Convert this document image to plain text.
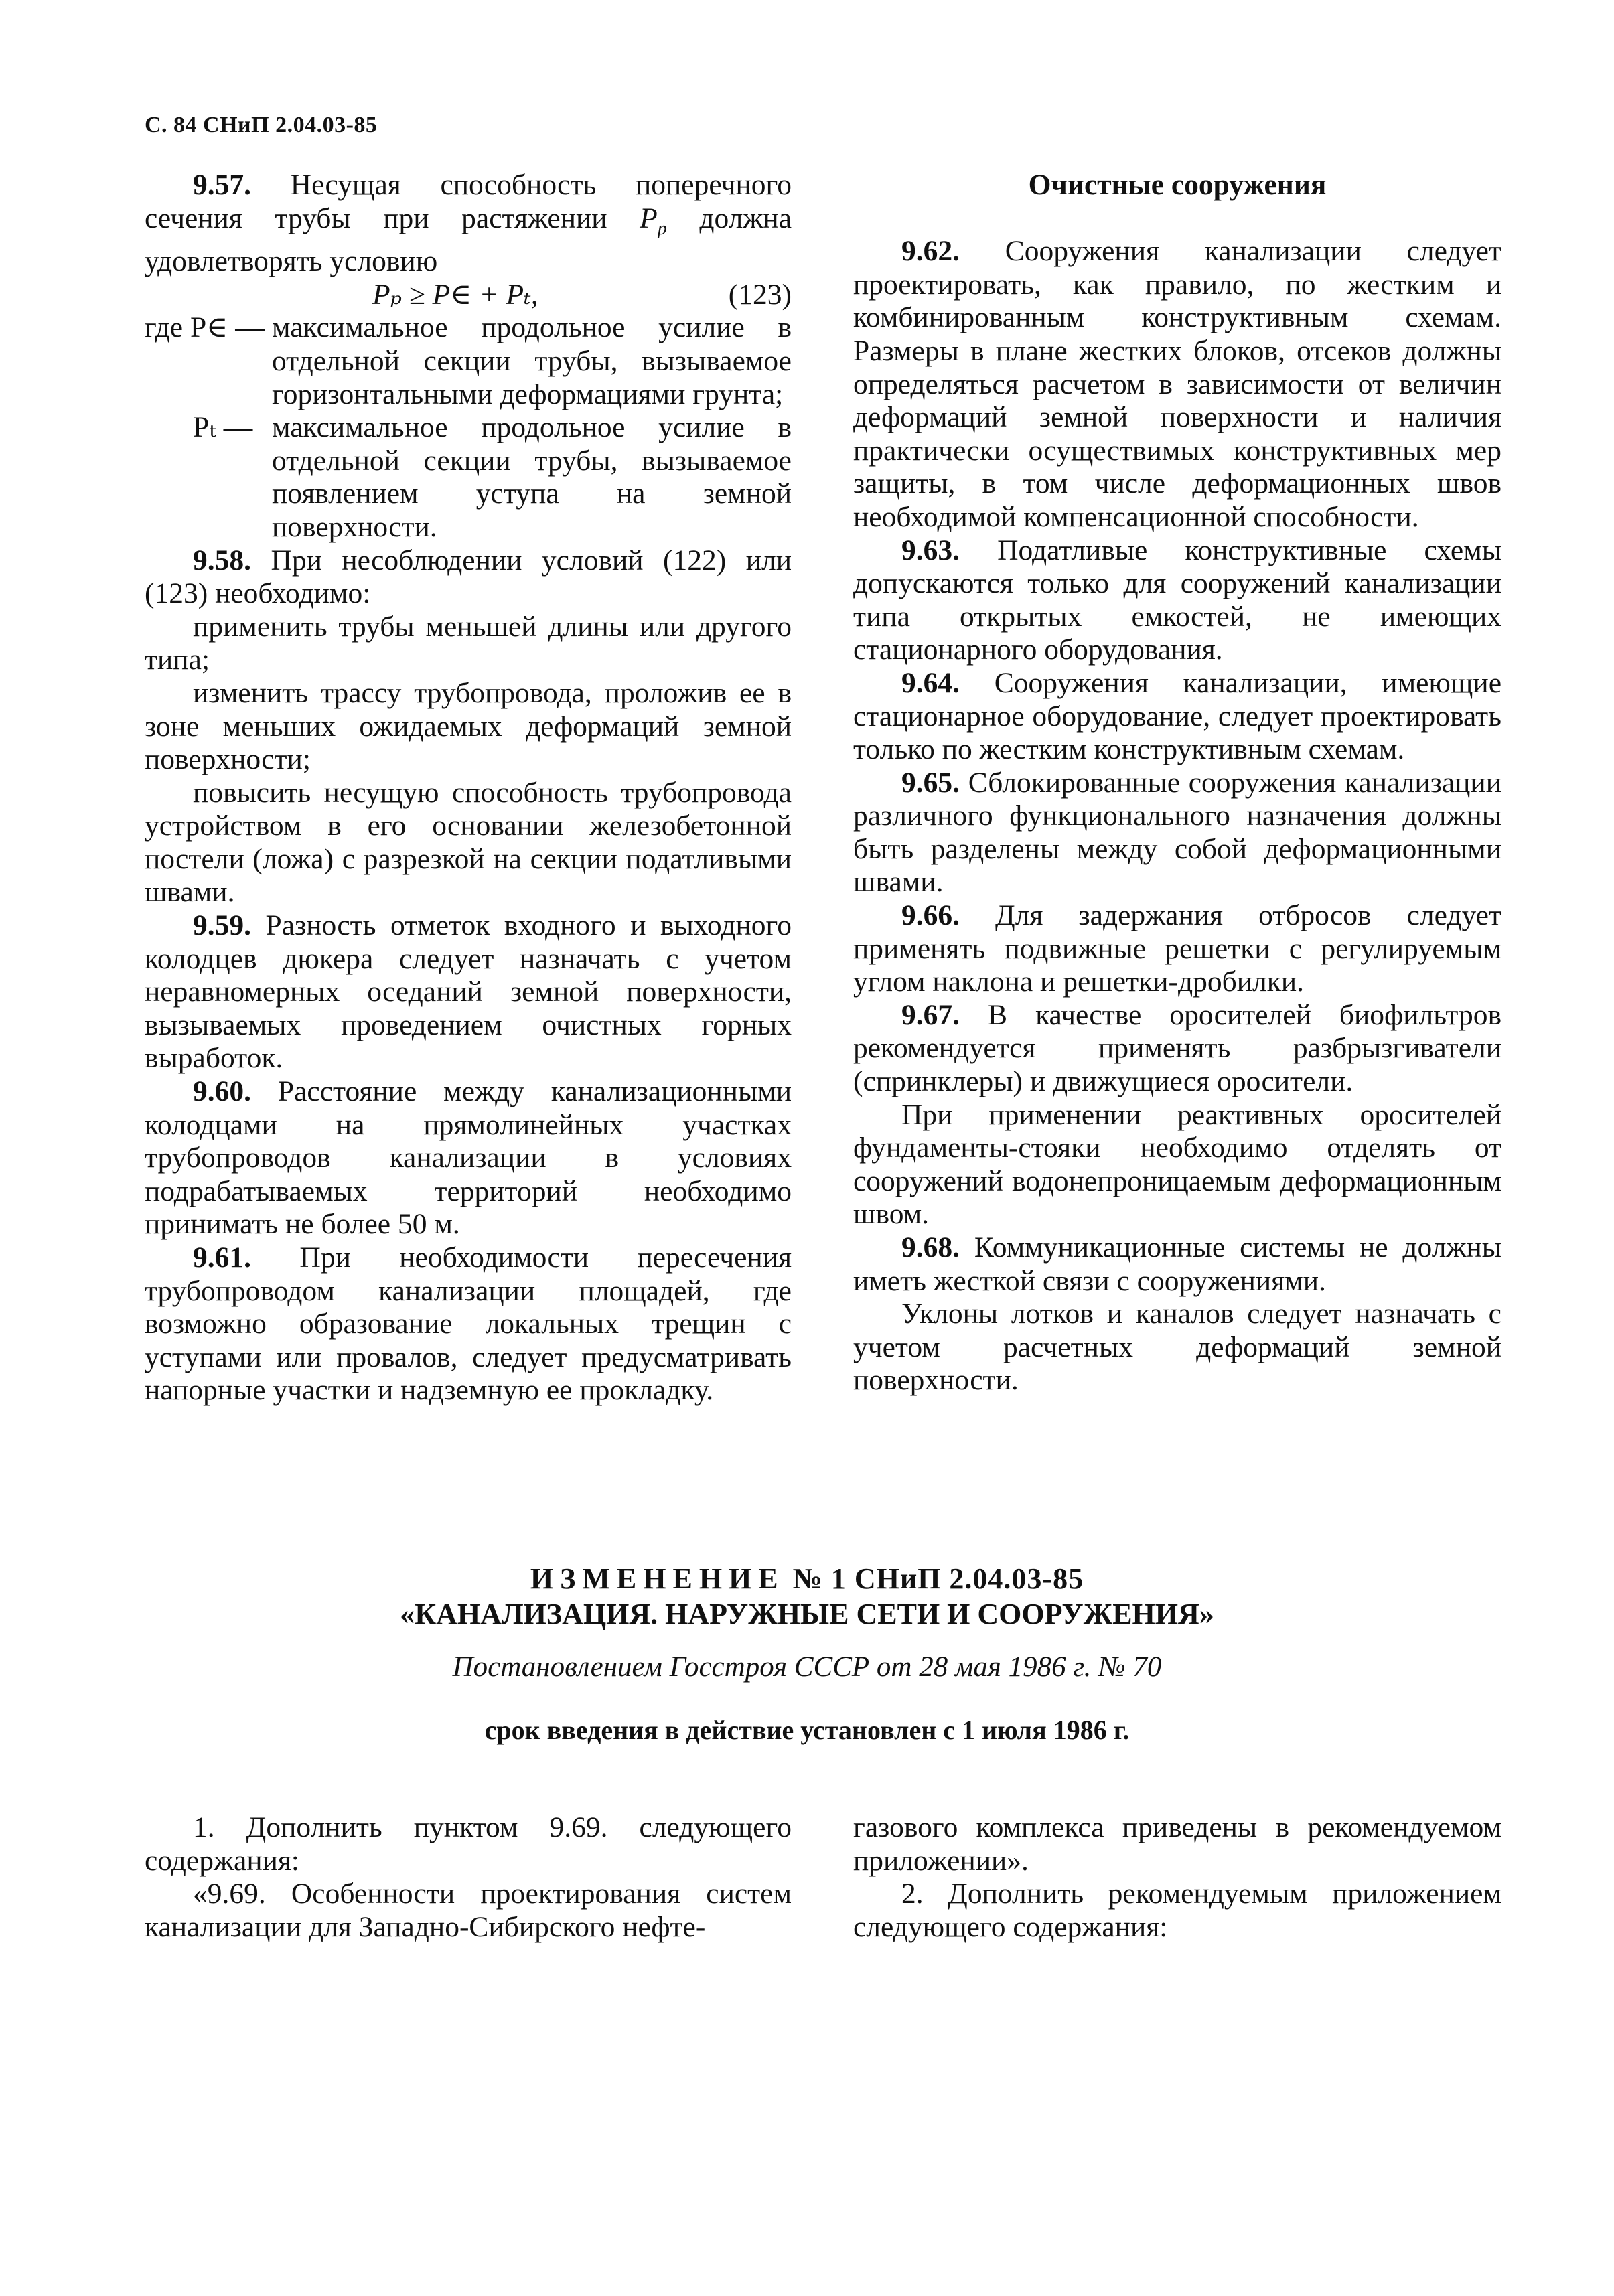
С. 84 СНиП 2.04.03-85

9.57. Несущая способность поперечного сечения трубы при растяжении $P_p$ должна удовлетворять условию

Pₚ ≥ P∈ + Pₜ,	(123)
где P∈ — максимальное продольное усилие в отдельной секции трубы, вызываемое горизонтальными деформациями грунта;
Pₜ — максимальное продольное усилие в отдельной секции трубы, вызываемое появлением уступа на земной поверхности.

9.58. При несоблюдении условий (122) или (123) необходимо:

применить трубы меньшей длины или другого типа;

изменить трассу трубопровода, проложив ее в зоне меньших ожидаемых деформаций земной поверхности;

повысить несущую способность трубопровода устройством в его основании железобетонной постели (ложа) с разрезкой на секции податливыми швами.

9.59. Разность отметок входного и выходного колодцев дюкера следует назначать с учетом неравномерных оседаний земной поверхности, вызываемых проведением очистных горных выработок.

9.60. Расстояние между канализационными колодцами на прямолинейных участках трубопроводов канализации в условиях подрабатываемых территорий необходимо принимать не более 50 м.

9.61. При необходимости пересечения трубопроводом канализации площадей, где возможно образование локальных трещин с уступами или провалов, следует предусматривать напорные участки и надземную ее прокладку.

Очистные сооружения

9.62. Сооружения канализации следует проектировать, как правило, по жестким и комбинированным конструктивным схемам. Размеры в плане жестких блоков, отсеков должны определяться расчетом в зависимости от величин деформаций земной поверхности и наличия практически осуществимых конструктивных мер защиты, в том числе деформационных швов необходимой компенсационной способности.

9.63. Податливые конструктивные схемы допускаются только для сооружений канализации типа открытых емкостей, не имеющих стационарного оборудования.

9.64. Сооружения канализации, имеющие стационарное оборудование, следует проектировать только по жестким конструктивным схемам.

9.65. Сблокированные сооружения канализации различного функционального назначения должны быть разделены между собой деформационными швами.

9.66. Для задержания отбросов следует применять подвижные решетки с регулируемым углом наклона и решетки-дробилки.

9.67. В качестве оросителей биофильтров рекомендуется применять разбрызгиватели (спринклеры) и движущиеся оросители.

При применении реактивных оросителей фундаменты-стояки необходимо отделять от сооружений водонепроницаемым деформационным швом.

9.68. Коммуникационные системы не должны иметь жесткой связи с сооружениями.

Уклоны лотков и каналов следует назначать с учетом расчетных деформаций земной поверхности.

ИЗМЕНЕНИЕ № 1 СНиП 2.04.03-85
«КАНАЛИЗАЦИЯ. НАРУЖНЫЕ СЕТИ И СООРУЖЕНИЯ»
Постановлением Госстроя СССР от 28 мая 1986 г. № 70
срок введения в действие установлен с 1 июля 1986 г.

1. Дополнить пунктом 9.69. следующего содержания:

«9.69. Особенности проектирования систем канализации для Западно-Сибирского нефте-

газового комплекса приведены в рекомендуемом приложении».

2. Дополнить рекомендуемым приложением следующего содержания:
